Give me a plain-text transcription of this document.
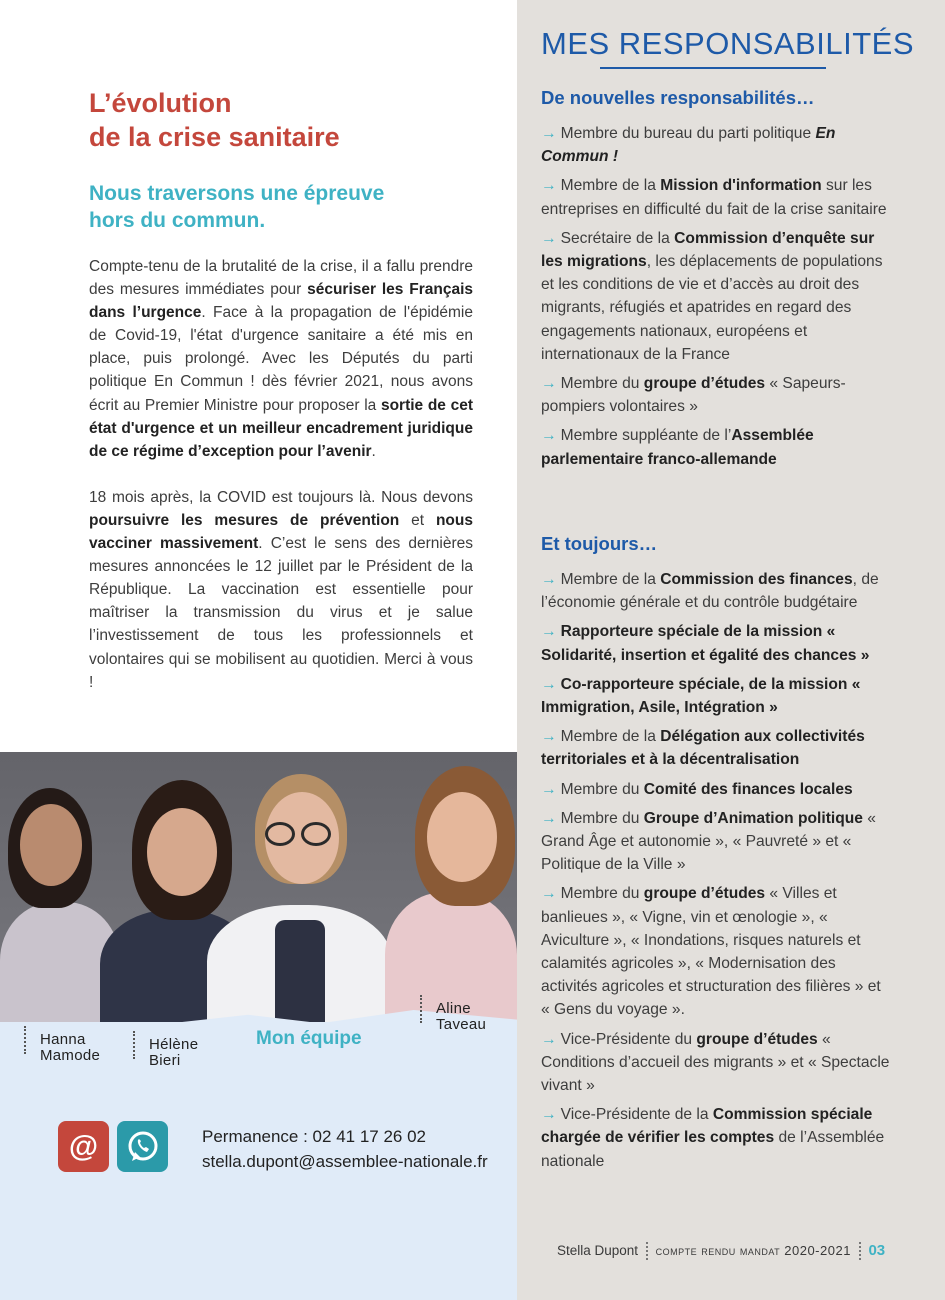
L’évolution
de la crise sanitaire
Nous traversons une épreuve
hors du commun.

Compte-tenu de la brutalité de la crise, il a fallu prendre des mesures immédiates pour sécuriser les Français dans l’urgence. Face à la propagation de l'épidémie de Covid-19, l'état d'urgence sanitaire a été mis en place, puis prolongé. Avec les Députés du parti politique En Commun ! dès février 2021, nous avons écrit au Premier Ministre pour proposer la sortie de cet état d'urgence et un meilleur encadrement juridique de ce régime d’exception pour l’avenir.

18 mois après, la COVID est toujours là. Nous devons poursuivre les mesures de prévention et nous vacciner massivement. C’est le sens des dernières mesures annoncées le 12 juillet par le Président de la République. La vaccination est essentielle pour maîtriser la transmission du virus et je salue l’investissement de tous les professionnels et volontaires qui se mobilisent au quotidien. Merci à vous !

Hanna
Mamode
Hélène
Bieri
Aline
Taveau
Mon équipe
@	Permanence : 02 41 17 26 02
stella.dupont@assemblee-nationale.fr
MES RESPONSABILITÉS
De nouvelles responsabilités…
→ Membre du bureau du parti politique En Commun !
→ Membre de la Mission d'information sur les entreprises en difficulté du fait de la crise sanitaire
→ Secrétaire de la Commission d’enquête sur les migrations, les déplacements de populations et les conditions de vie et d’accès au droit des migrants, réfugiés et apatrides en regard des engagements nationaux, européens et internationaux de la France
→ Membre du groupe d’études « Sapeurs-pompiers volontaires »
→ Membre suppléante de l’Assemblée parlementaire franco-allemande
Et toujours…
→ Membre de la Commission des finances, de l’économie générale et du contrôle budgétaire
→ Rapporteure spéciale de la mission « Solidarité, insertion et égalité des chances »
→ Co-rapporteure spéciale, de la mission « Immigration, Asile, Intégration »
→ Membre de la Délégation aux collectivités territoriales et à la décentralisation
→ Membre du Comité des finances locales
→ Membre du Groupe d’Animation politique « Grand Âge et autonomie », « Pauvreté » et « Politique de la Ville »
→ Membre du groupe d’études « Villes et banlieues », « Vigne, vin et œnologie », « Aviculture », « Inondations, risques naturels et calamités agricoles », « Modernisation des activités agricoles et structuration des filières » et « Gens du voyage ».
→ Vice-Présidente du groupe d’études « Conditions d’accueil des migrants » et « Spectacle vivant »
→ Vice-Présidente de la Commission spéciale chargée de vérifier les comptes de l’Assemblée nationale
Stella Dupont compte rendu mandat 2020-2021 03
